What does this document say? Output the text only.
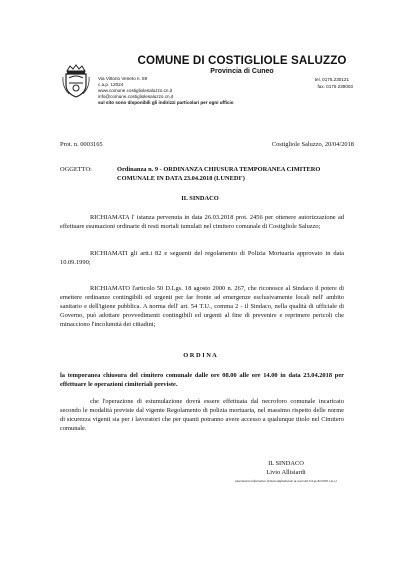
COMUNE DI COSTIGLIOLE SALUZZO
Provincia di Cuneo
Via Vittorio Veneto n. 59
c.a.p. 12024
www.comune.costigliolesaluzzo.cn.it
info@comune.costigliolesaluzzo.cn.it
sul sito sono disponibili gli indirizzi particolari per ogni ufficio
tel. 0175.230121
fax. 0175 239003
Prot. n. 0003165	Costigliole Saluzzo, 20/04/2018
OGGETTO:	Ordinanza n. 9 - ORDINANZA CHIUSURA TEMPORANEA CIMITERO
COMUNALE IN DATA 23.04.2018 (LUNEDI')
IL SINDACO
RICHIAMATA l' istanza pervenuta in data 26.03.2018 prot. 2456 per ottenere autorizzazione ad effettuare esumazioni ordinarie di resti mortali tumulati nel cimitero comunale di Costigliole Saluzzo;
RICHIAMATI gli artt.i 82 e seguenti del regolamento di Polizia Mortuaria approvato in data 10.09.1990;
RICHIAMATO l'articolo 50 D.Lgs. 18 agosto 2000 n. 267, che riconosce al Sindaco il potere di emettere ordinanze contingibili ed urgenti per far fronte ad emergenze esclusivamente locali nell' ambito sanitario e dell'igiene pubblica. A norma dell' art. 54 T.U., comma 2 - il Sindaco, nella qualità di ufficiale di Governo, può adottare provvedimenti contingibili ed urgenti al fine di prevenire e reprimere pericoli che minacciono l'incolumità dei cittadini;
O R D I N A
la temporanea chiusura del cimitero comunale dalle ore 08.00 alle ore 14.00 in data 23.04.2018 per effettuare le operazioni cimiteriali previste.
che l'operazione di estumulazione dovrà essere effettuata dal necroforo comunale incaricato secondo le modalità previste dal vigente Regolamento di polizia mortuaria, nel massimo rispetto delle norme di sicurezza vigenti sia per i lavoratori che per quanti potranno avere accesso a qualunque titolo nel Cimitero comunale.
IL SINDACO
Livio Allisiardi
(documento informatico firmato digitalmente ai sensi del D.Lgs 82/2005 s.m.i.)
